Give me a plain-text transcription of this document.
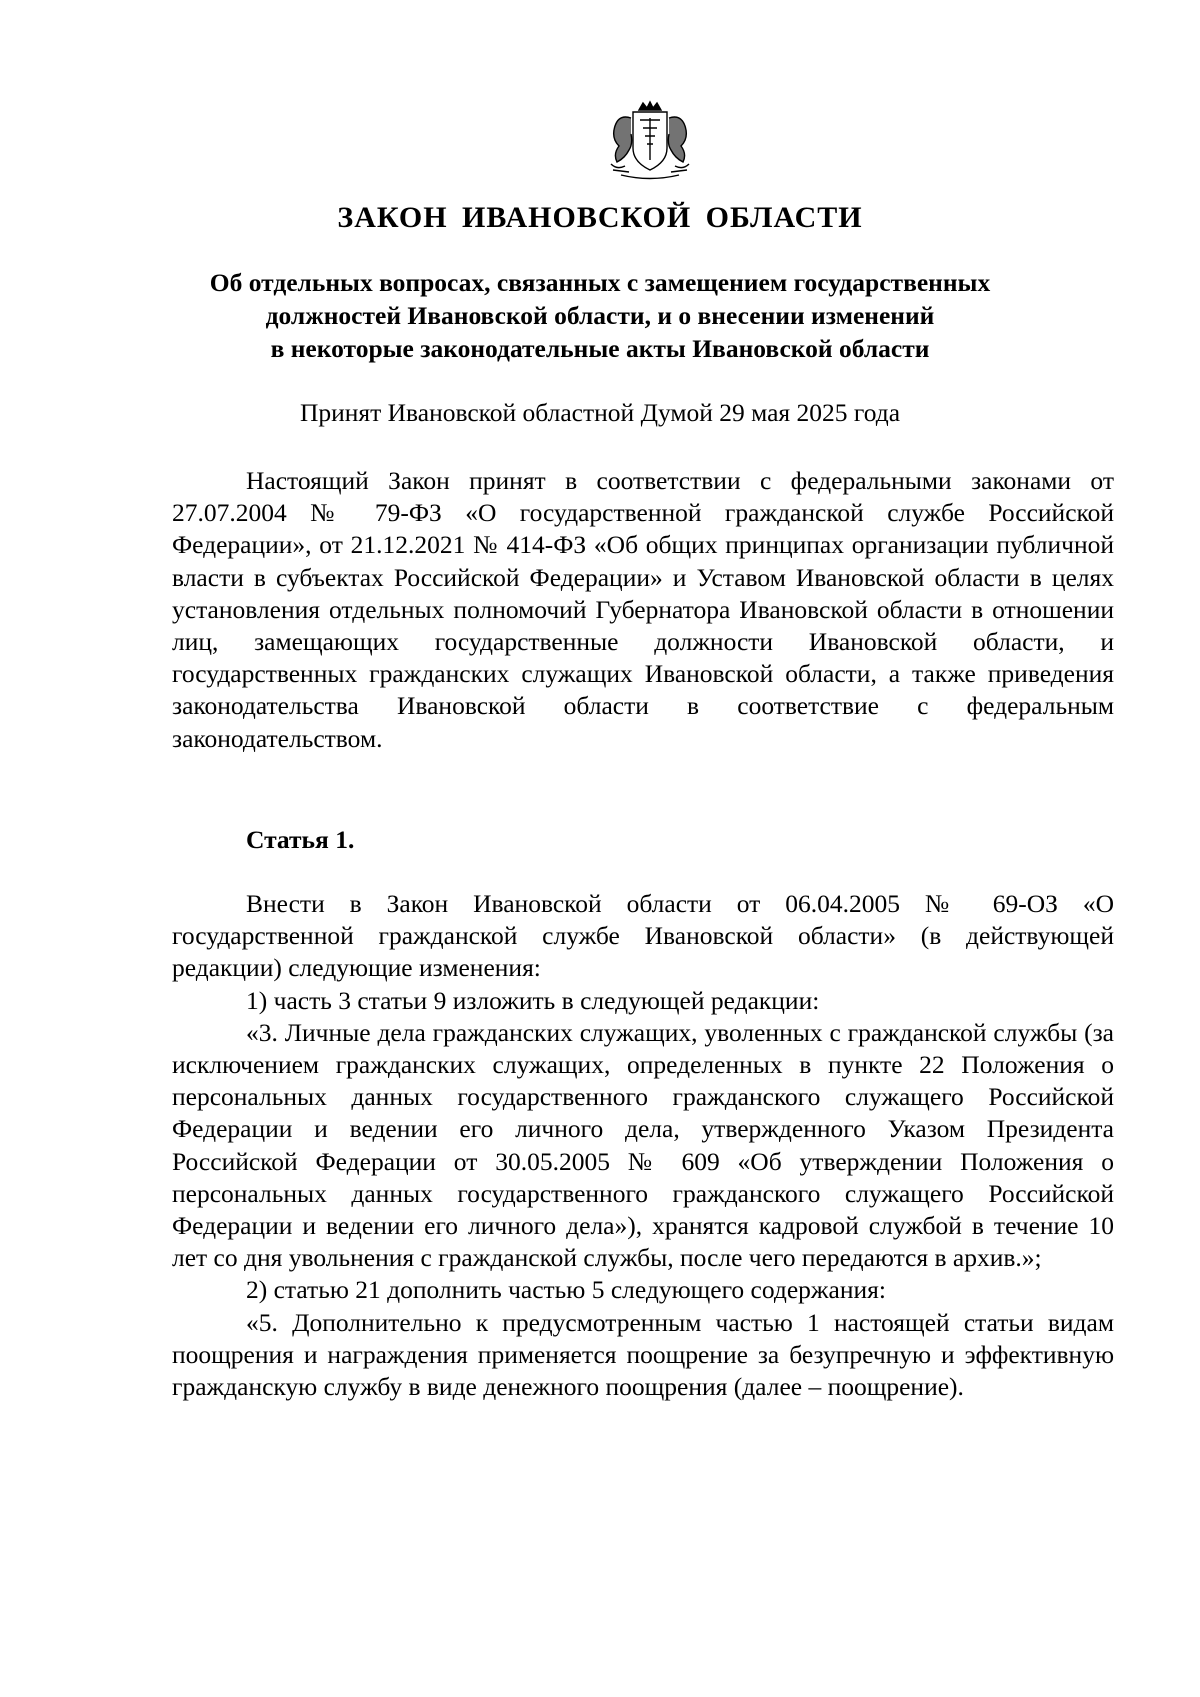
ЗАКОН ИВАНОВСКОЙ ОБЛАСТИ
Об отдельных вопросах, связанных с замещением государственных
должностей Ивановской области, и о внесении изменений
в некоторые законодательные акты Ивановской области
Принят Ивановской областной Думой 29 мая 2025 года

Настоящий Закон принят в соответствии с федеральными законами от 27.07.2004 № 79-ФЗ «О государственной гражданской службе Российской Федерации», от 21.12.2021 № 414-ФЗ «Об общих принципах организации публичной власти в субъектах Российской Федерации» и Уставом Ивановской области в целях установления отдельных полномочий Губернатора Ивановской области в отношении лиц, замещающих государственные должности Ивановской области, и государственных гражданских служащих Ивановской области, а также приведения законодательства Ивановской области в соответствие с федеральным законодательством.

Статья 1.

Внести в Закон Ивановской области от 06.04.2005 № 69-ОЗ «О государственной гражданской службе Ивановской области» (в действующей редакции) следующие изменения:

1) часть 3 статьи 9 изложить в следующей редакции:

«3. Личные дела гражданских служащих, уволенных с гражданской службы (за исключением гражданских служащих, определенных в пункте 22 Положения о персональных данных государственного гражданского служащего Российской Федерации и ведении его личного дела, утвержденного Указом Президента Российской Федерации от 30.05.2005 № 609 «Об утверждении Положения о персональных данных государственного гражданского служащего Российской Федерации и ведении его личного дела»), хранятся кадровой службой в течение 10 лет со дня увольнения с гражданской службы, после чего передаются в архив.»;

2) статью 21 дополнить частью 5 следующего содержания:

«5. Дополнительно к предусмотренным частью 1 настоящей статьи видам поощрения и награждения применяется поощрение за безупречную и эффективную гражданскую службу в виде денежного поощрения (далее – поощрение).
